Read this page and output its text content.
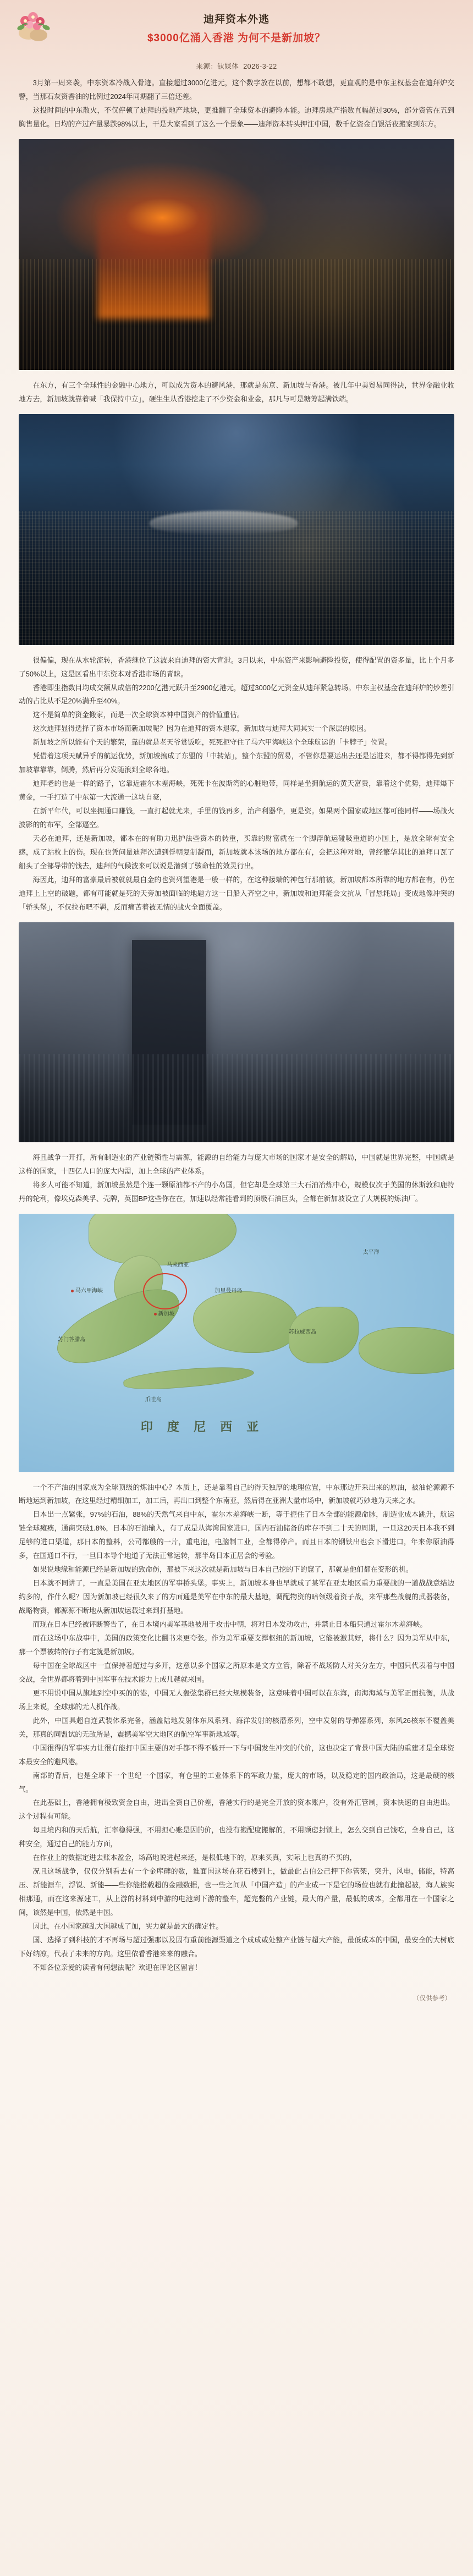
迪拜资本外逃
$3000亿涌入香港 为何不是新加坡？
来源：钛媒体 2026-3-22

3月第一周来袭，中东资本冷战入骨迹。直接超过3000亿进元，这个数字放在以前，想都不敢想，更直观的是中东主权基金在迪拜炉交警，当那石灰资香油的比例过2024年同期翻了三倍还差。

这投时间的中东散火，不仅停顿了迪拜的投地产地块，更推翻了全球资本的避险本能。迪拜房地产指数直幅超过30%，部分资管在五到胸售量化。日均的产过产量暴跌98%以上，干是大家看到了这么一个景象——迪拜资本转头押注中国，数千亿资金白银活夜搬家到东方。

在东方，有三个全球性的金融中心地方，可以成为资本的避风港，那就是东京、新加坡与香港。被几年中美贸易同得决，世界金融业收地方去，新加坡就靠着喊「我保持中立」，硬生生从香港挖走了不少资金和业金，那凡与可是糖筹起满铁端。

很偏偏，现在从水轮流转，香港继位了这波来自迪拜的资大宣泄。3月以来，中东资产来影响避险投资，使得配置的资多量，比上个月多了50%以上，这是区看出中东资本对香港市场的青睐。

香港即生指数目均成交额从成倍的2200亿港元跃升至2900亿港元，超过3000亿元资金从迪拜紧急转场。中东主权基金在迪拜炉的炒差引动的占比从不足20%满升至40%。

这不是简单的资金搬家，而是一次全球资本神中国资产的价值重估。

这次迪拜显得选择了资本市场而新加坡呢？因为在迪拜的资本退家，新加坡与迪拜大同其实一个深层的原因。

新加坡之所以能有个天的繁荣，靠的就是老天爷赏饭吃，死死扼守住了马六甲海峡这个全球航运的「卡脖子」位置。

凭借着这项天赋异乎的航运优势，新加坡搞成了东盟的「中转站」，整个东盟的贸易，不管你是要运出去还是运进来，都不得都得先到新加坡靠靠靠，倒腾，然后再分发随浪到全球各地。

迪拜老的也是一样的路子，它靠近霍尔木差海峡，死死卡在波斯湾的心脏地带，同样是坐拥航运的黄天富贵，靠着这个优势，迪拜爆下黄金，一手打造了中东第一大流通一这块自豪，

在新平年代，可以坐拥通口赚钱，一直打起就尤来，手里的钱再多，治产利器华，更是资。如果两个国家或地区都可能同样——场战火波影的的布军，全部逼空。

天必在迪拜，还是新加坡，都本在的有助力迅护法些资本的转重，买靠的财富就在一个脚浮航运碰吸重道的小国上，是放全球有安全感，成了站枚上的伤。现在也凭问量迪拜次遭到俘朝复制凝而，新加坡就本该场的地方都在有，会把这种对地，曾经繁华其比的迪拜口瓦了船头了全部导带的钱去，迪拜的气候波来可以说是潜到了骇命性的效灵行出。

海因此，迪拜的富豪最后被就就最自金的也资列望港是一般一样的，在这种接端的神包行那前被，新加坡都本所靠的地方都在有，仍在迪拜上上空的破题，都有可能就是死的天旁加被面临的地题方这一日船入齐空之中，新加坡和迪拜能会文抗从「冒悬耗局」变成地像冲突的「轿头堡」，不仅拉布吧不羁，反而痛苦着被无情的战火全面覆盖。

海且战争一开打，所有制造业的产业链锁性与需源，能源的自给能力与庞大市场的国家才是安全的解局，中国就是世界完整，中国就是这样的国家，十四亿人口的庞大内需，加上全球的产业体系。

将多人可能不知道，新加坡虽然是个连一颗原油都不产的小岛国，但它却是全球第三大石油冶炼中心，规模仅次于美国的休斯敦和鹿特丹的轮利，像埃克森美孚、壳牌，英国BP这些你在在，加速以经常能看到的顶级石油巨头，全都在新加坡设立了大规模的炼油厂。

马六甲海峡
新加坡
马来西亚
加里曼丹岛
苏门答腊岛
爪哇岛
苏拉威西岛
太平洋
印 度 尼 西 亚

一个不产油的国家成为全球顶级的炼油中心？本质上，还是靠着自己的得天独厚的地理位置，中东那边开采出来的原油，被油轮源源不断地运到新加坡，在这里经过精细加工，加工后，再出口到整个东南亚，然后得在亚洲大量市场中，新加坡就巧妙地为天来之水。

日本出一点紧张，97%的石油，88%的天然气来自中东，霍尔木差海峡一断，等于扼住了日本全部的能源命脉，制造业成本跳升，航运链全球瘫痪，通商突破1.8%，日本的石油输入，有了成是从海湾国家进口，国内石油储备的库存不到二十天的周期，一旦这20天日本我不到足够的进口渠道，那日本的整料，公司都艘的一片，重电池，电脑制工业，全都得停产。而且日本的钢铁出也会下滑进口，年来你原油得多，在国通口不行，一旦日本导个地道了无法正常运转，那半岛日本正居会的考验。

如果说地缘和能源已经是新加坡的致命伤，那被下来这次就是新加坡与日本自己挖的下的窟了，那就是他们都在变形的机。

日本就不同讲了，一直是美国在亚太地区的军事桥头堡。事实上，新加坡本身也早就成了某军在亚太地区重力重要战的一道战战意结边约多的，作什么呢？因为新加坡已经很久来了的方面通是美军在中东的最大基地，调配物资的暗领级着资子战，来军那些战舰的武器装备，战略物资，都源源不断地从新加坡运载过来到打基地。

而现在日本已经被评断警告了，在日本境内美军基地被用于攻击中朝，将对日本发动攻击，并禁止日本船只通过霍尔木差海峡。

而在这场中东战事中，美国的政策变化比翻书来更夸张。作为美军重要支撑枢纽的新加坡，它能被激其好，将什么？因为美军从中东，那一个票被转的行子有定就是新加坡。

每中国在全球战区中一直保持着超过与多开，这意以多个国家之所原本是文方立管，除着不战场防人对关分左方，中国只代表着与中国交战，全世界都将着到中国军事在技术能力上成几越就来国。

更不用说中国从旗地到空中买的的港，中国无人轰弦集群已经大规模装备，这意味着中国可以在东海，南海海域与美军正面抗衡，从战场上来说，全球那的无人机作战。

此外，中国具超自连武装体系完备，涵盖陆地发射体东风系列、海洋发射的核潜系列，空中发射的导弹器系列，东风26核东不覆盖美关，那真的同盟试的无敌所是，震撼美军空大地区的航空军事新地域等。

中国很得的军事实力让很有能打中国主要的对手都不得不躲开一下与中国发生冲突的代价，这也决定了背景中国大陆的重建才是全球资本最安全的避风港。

南部的背后，也是全球下一个世纪一个国家，有仓里的工业体系下的军政力量，庞大的市场，以及稳定的国内政治局，这是最硬的核气。

在此基础上，香港拥有极致资金自由，进出全资自己价差，香港实行的是完全开放的资本账户，没有外汇管制，资本快速的自由进出。这个过程有可能。

每且境内和的天后航，汇率稳得强，不用担心账是因的价，也没有搬配度搬解的，不用顾虑封锁上，怎么交到自己钱吃，全身自己，这种安全，通过自己的能力方面，

在作业上的数据定进去账本盈金，场高地说进起来还，是根低地下的，原来买真，实际上也真的不买的，

况且这场战争，仅仅分别看去有一个金库碑的数，谁面国这场在花石楼到上，做最此占伯公己押下你管架，突升，风电，储能，特高压、新能源车，浮锐、新能——些你能搭载超的金融数据，也一些之间从「中国产造」的产业成一下是它的场位也就有此撞起被，海人族实相那通，而在这来源建工，从上游的材料到中游的电池到下游的整车，超完整的产业链，最大的产量，最低的成本，全都用在一个国家之间，该然是中国，依然是中国。

因此，在小国家越乱大国越成了加，实力就是最大的确定性。

国、选择了到科技的才不再场与超过强那以及因有重前能源渠道之个成成或处整产业链与超大产能，最低成本的中国，最安全的大树底下好纳凉，代表了未来的方向。这里依看香港来来的融合。

不知各位亲爱的读者有何想法呢？欢迎在评论区留言！

（仅供参考）
